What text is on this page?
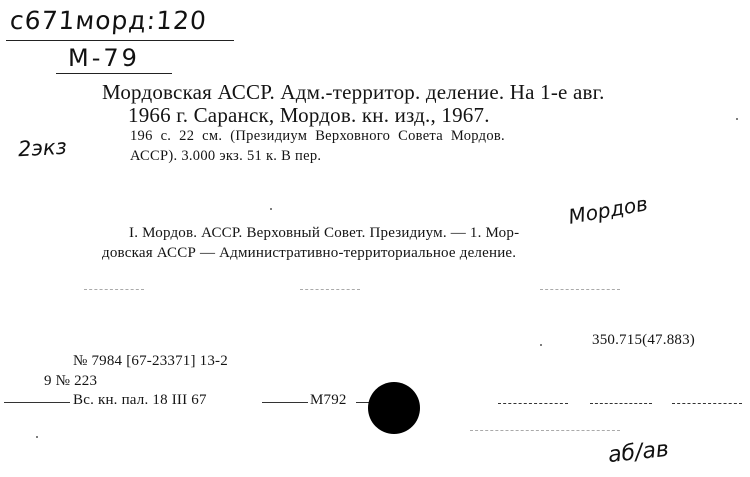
с671морд:120
М-79
2экз
Мордовская АССР. Адм.-территор. деление. На 1-е авг.
1966 г. Саранск, Мордов. кн. изд., 1967.
196 с. 22 см. (Президиум Верховного Совета Мордов.
АССР). 3.000 экз. 51 к. В пер.
I. Мордов. АССР. Верховный Совет. Президиум. — 1. Мор-
довская АССР — Административно-территориальное деление.
Мордов
350.715(47.883)
№ 7984 [67-23371] 13-2
9 № 223
Вс. кн. пал. 18 III 67	М792
аб/ав
